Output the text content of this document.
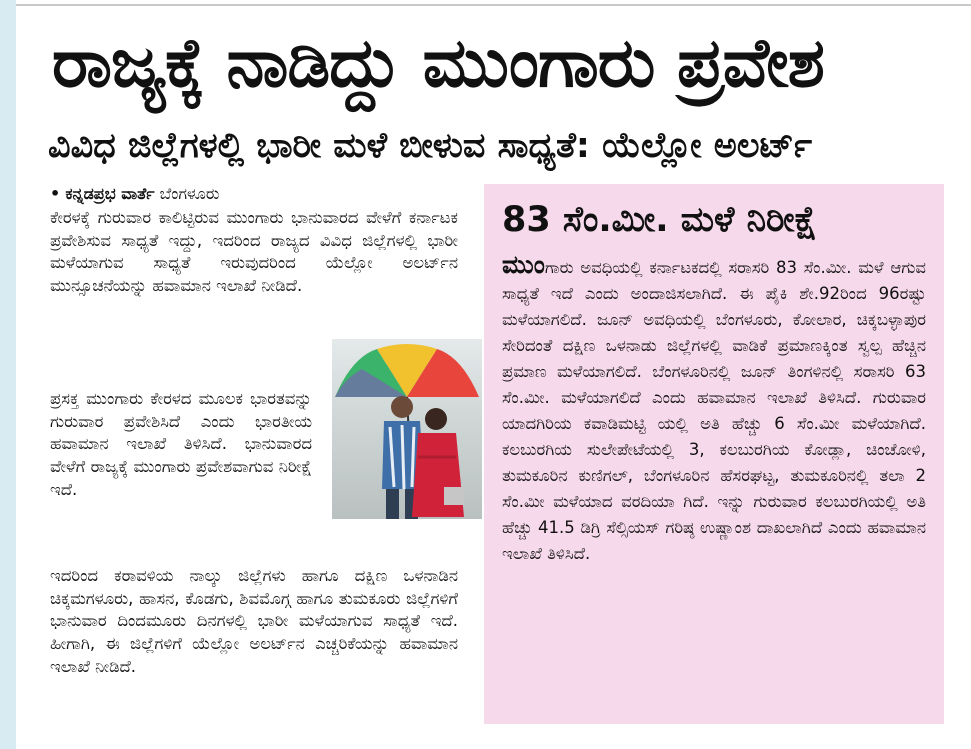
ರಾಜ್ಯಕ್ಕೆ ನಾಡಿದ್ದು ಮುಂಗಾರು ಪ್ರವೇಶ
ವಿವಿಧ ಜಿಲ್ಲೆಗಳಲ್ಲಿ ಭಾರೀ ಮಳೆ ಬೀಳುವ ಸಾಧ್ಯತೆ: ಯೆಲ್ಲೋ ಅಲರ್ಟ್
• ಕನ್ನಡಪ್ರಭ ವಾರ್ತೆ ಬೆಂಗಳೂರು

ಕೇರಳಕ್ಕೆ ಗುರುವಾರ ಕಾಲಿಟ್ಟಿರುವ ಮುಂಗಾರು ಭಾನುವಾರದ ವೇಳೆಗೆ ಕರ್ನಾಟಕ ಪ್ರವೇಶಿಸುವ ಸಾಧ್ಯತೆ ಇದ್ದು, ಇದರಿಂದ ರಾಜ್ಯದ ವಿವಿಧ ಜಿಲ್ಲೆಗಳಲ್ಲಿ ಭಾರೀ ಮಳೆಯಾಗುವ ಸಾಧ್ಯತೆ ಇರುವುದರಿಂದ ಯೆಲ್ಲೋ ಅಲರ್ಟ್‌ನ ಮುನ್ಸೂಚನೆಯನ್ನು ಹವಾಮಾನ ಇಲಾಖೆ ನೀಡಿದೆ.

ಪ್ರಸಕ್ತ ಮುಂಗಾರು ಕೇರಳದ ಮೂಲಕ ಭಾರತವನ್ನು ಗುರುವಾರ ಪ್ರವೇಶಿಸಿದೆ ಎಂದು ಭಾರತೀಯ ಹವಾಮಾನ ಇಲಾಖೆ ತಿಳಿಸಿದೆ. ಭಾನುವಾರದ ವೇಳೆಗೆ ರಾಜ್ಯಕ್ಕೆ ಮುಂಗಾರು ಪ್ರವೇಶವಾಗುವ ನಿರೀಕ್ಷೆ ಇದೆ.

ಇದರಿಂದ ಕರಾವಳಿಯ ನಾಲ್ಕು ಜಿಲ್ಲೆಗಳು ಹಾಗೂ ದಕ್ಷಿಣ ಒಳನಾಡಿನ ಚಿಕ್ಕಮಗಳೂರು, ಹಾಸನ, ಕೊಡಗು, ಶಿವಮೊಗ್ಗ ಹಾಗೂ ತುಮಕೂರು ಜಿಲ್ಲೆಗಳಿಗೆ ಭಾನುವಾರ ದಿಂದಮೂರು ದಿನಗಳಲ್ಲಿ ಭಾರೀ ಮಳೆಯಾಗುವ ಸಾಧ್ಯತೆ ಇದೆ. ಹೀಗಾಗಿ, ಈ ಜಿಲ್ಲೆಗಳಿಗೆ ಯೆಲ್ಲೋ ಅಲರ್ಟ್‌ನ ಎಚ್ಚರಿಕೆಯನ್ನು ಹವಾಮಾನ ಇಲಾಖೆ ನೀಡಿದೆ.

83 ಸೆಂ.ಮೀ. ಮಳೆ ನಿರೀಕ್ಷೆ

ಮುಂಗಾರು ಅವಧಿಯಲ್ಲಿ ಕರ್ನಾಟಕದಲ್ಲಿ ಸರಾಸರಿ 83 ಸೆಂ.ಮೀ. ಮಳೆ ಆಗುವ ಸಾಧ್ಯತೆ ಇದೆ ಎಂದು ಅಂದಾಜಿಸಲಾಗಿದೆ. ಈ ಪೈಕಿ ಶೇ.92ರಿಂದ 96ರಷ್ಟು ಮಳೆಯಾಗಲಿದೆ. ಜೂನ್ ಅವಧಿಯಲ್ಲಿ ಬೆಂಗಳೂರು, ಕೋಲಾರ, ಚಿಕ್ಕಬಳ್ಳಾಪುರ ಸೇರಿದಂತೆ ದಕ್ಷಿಣ ಒಳನಾಡು ಜಿಲ್ಲೆಗಳಲ್ಲಿ ವಾಡಿಕೆ ಪ್ರಮಾಣಕ್ಕಿಂತ ಸ್ವಲ್ಪ ಹೆಚ್ಚಿನ ಪ್ರಮಾಣ ಮಳೆಯಾಗಲಿದೆ. ಬೆಂಗಳೂರಿನಲ್ಲಿ ಜೂನ್ ತಿಂಗಳಿನಲ್ಲಿ ಸರಾಸರಿ 63 ಸೆಂ.ಮೀ. ಮಳೆಯಾಗಲಿದೆ ಎಂದು ಹವಾಮಾನ ಇಲಾಖೆ ತಿಳಿಸಿದೆ. ಗುರುವಾರ ಯಾದಗಿರಿಯ ಕವಾಡಿಮಟ್ಟಿ ಯಲ್ಲಿ ಅತಿ ಹೆಚ್ಚು 6 ಸೆಂ.ಮೀ ಮಳೆಯಾಗಿದೆ. ಕಲಬುರಗಿಯ ಸುಲೇಪೇಟೆಯಲ್ಲಿ 3, ಕಲಬುರಗಿಯ ಕೋಡ್ಲಾ, ಚಿಂಚೋಳಿ, ತುಮಕೂರಿನ ಕುಣಿಗಲ್, ಬೆಂಗಳೂರಿನ ಹೆಸರಘಟ್ಟ, ತುಮಕೂರಿನಲ್ಲಿ ತಲಾ 2 ಸೆಂ.ಮೀ ಮಳೆಯಾದ ವರದಿಯಾ ಗಿದೆ. ಇನ್ನು ಗುರುವಾರ ಕಲಬುರಗಿಯಲ್ಲಿ ಅತಿ ಹೆಚ್ಚು 41.5 ಡಿಗ್ರಿ ಸೆಲ್ಸಿಯಸ್ ಗರಿಷ್ಠ ಉಷ್ಣಾಂಶ ದಾಖಲಾಗಿದೆ ಎಂದು ಹವಾಮಾನ ಇಲಾಖೆ ತಿಳಿಸಿದೆ.
